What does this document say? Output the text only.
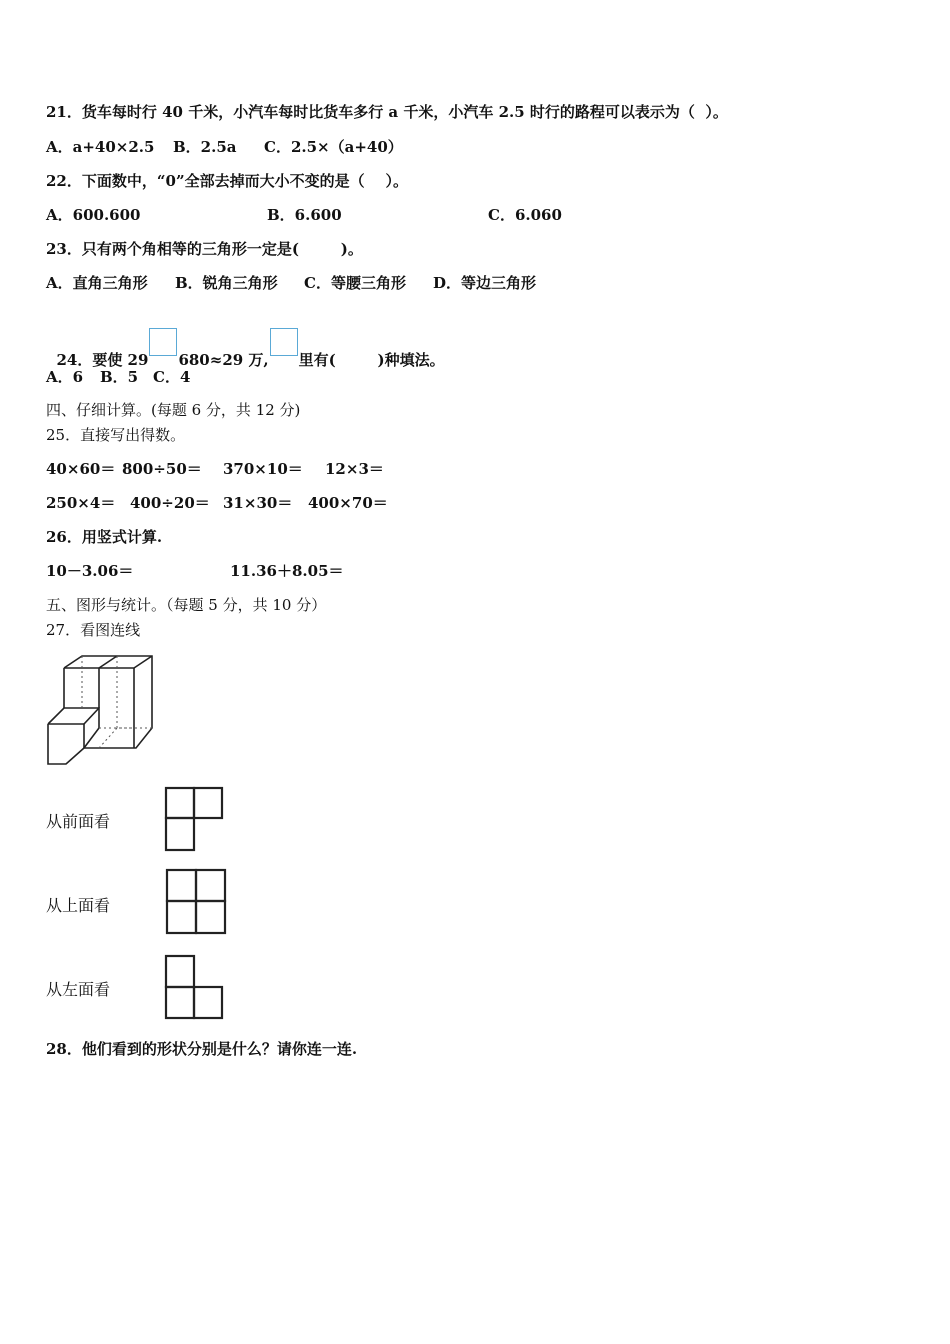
21．货车每时行 40 千米，小汽车每时比货车多行 a 千米，小汽车 2.5 时行的路程可以表示为（  ）。
A．a+40×2.5 B．2.5a C．2.5×（a+40）
22．下面数中，“0”全部去掉而大小不变的是（    ）。
A．600.600	B．6.600	C．6.060
23．只有两个角相等的三角形一定是(        )。
A．直角三角形 B．锐角三角形 C．等腰三角形 D．等边三角形

24．要使 29 680≈29 万, 里有(        )种填法。

A．6 B．5 C．4
四、仔细计算。(每题 6 分，共 12 分)
25．直接写出得数。
40×60＝ 800÷50＝ 370×10＝ 12×3＝
250×4＝ 400÷20＝ 31×30＝ 400×70＝
26．用竖式计算.
10－3.06＝	11.36＋8.05＝
五、图形与统计。（每题 5 分，共 10 分）
27．看图连线
从前面看
从上面看
从左面看
28．他们看到的形状分别是什么？请你连一连.
